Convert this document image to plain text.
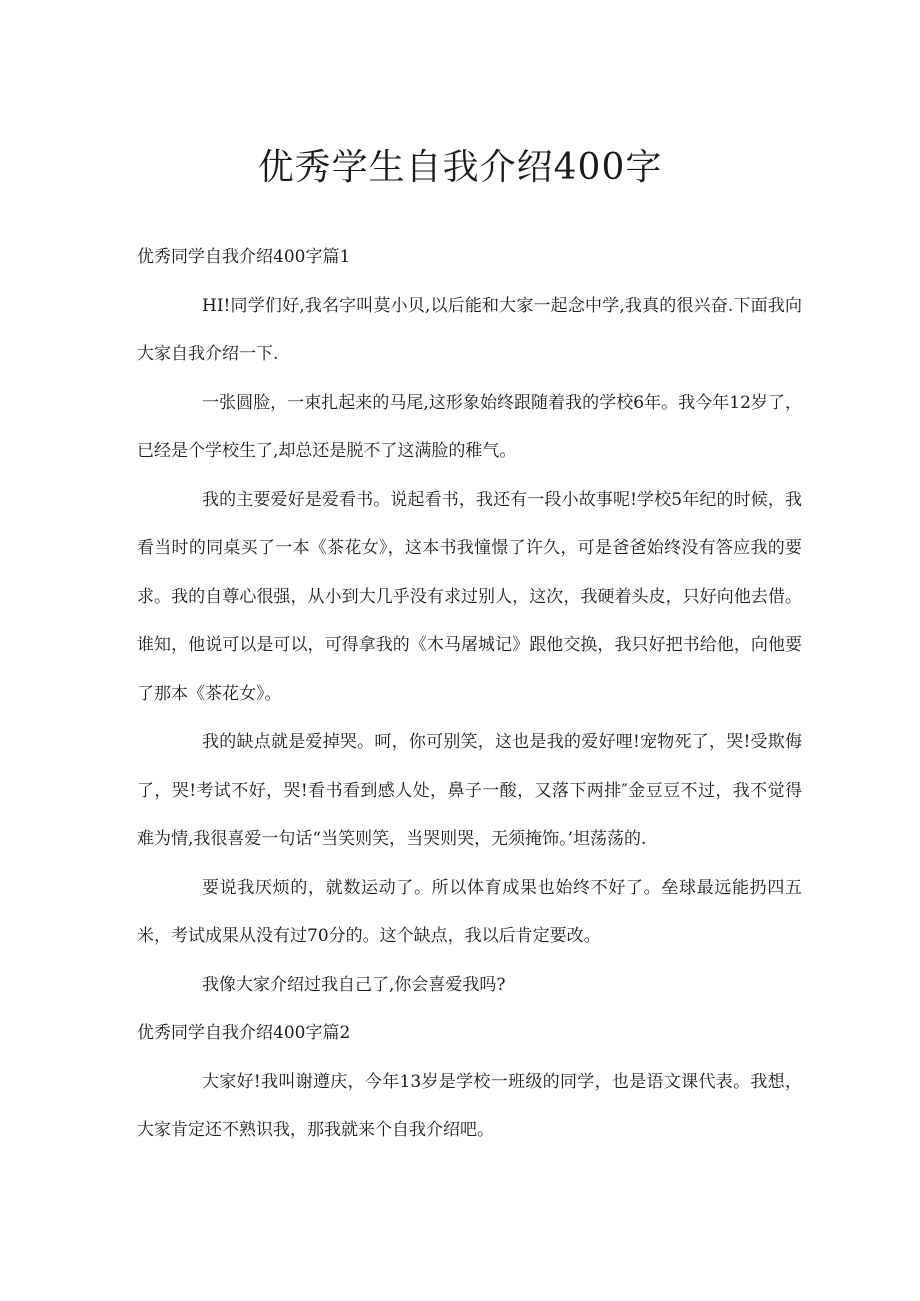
优秀学生自我介绍400字

优秀同学自我介绍400字篇1

HI!同学们好,我名字叫莫小贝,以后能和大家一起念中学,我真的很兴奋.下面我向大家自我介绍一下.

一张圆脸，一束扎起来的马尾,这形象始终跟随着我的学校6年。我今年12岁了，已经是个学校生了,却总还是脱不了这满脸的稚气。

我的主要爱好是爱看书。说起看书，我还有一段小故事呢!学校5年纪的时候，我看当时的同桌买了一本《茶花女》，这本书我憧憬了许久，可是爸爸始终没有答应我的要求。我的自尊心很强，从小到大几乎没有求过别人，这次，我硬着头皮，只好向他去借。谁知，他说可以是可以，可得拿我的《木马屠城记》跟他交换，我只好把书给他，向他要了那本《茶花女》。

我的缺点就是爱掉哭。呵，你可别笑，这也是我的爱好哩!宠物死了，哭!受欺侮了，哭!考试不好，哭!看书看到感人处，鼻子一酸，又落下两排″金豆豆不过，我不觉得难为情,我很喜爱一句话“当笑则笑，当哭则哭，无须掩饰。’坦荡荡的.

要说我厌烦的，就数运动了。所以体育成果也始终不好了。垒球最远能扔四五米，考试成果从没有过70分的。这个缺点，我以后肯定要改。

我像大家介绍过我自己了,你会喜爱我吗?

优秀同学自我介绍400字篇2

大家好!我叫谢遵庆，今年13岁是学校一班级的同学，也是语文课代表。我想，大家肯定还不熟识我，那我就来个自我介绍吧。
